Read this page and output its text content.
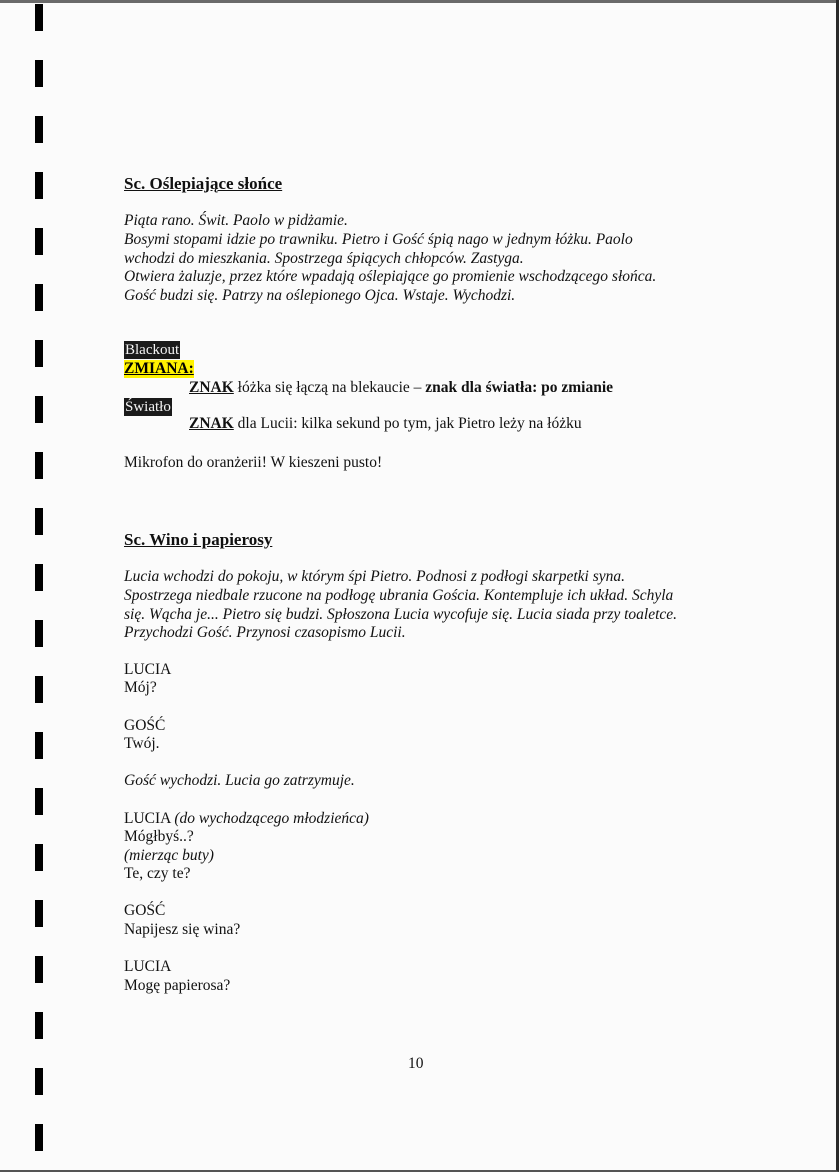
Sc. Oślepiające słońce
Piąta rano. Świt. Paolo w pidżamie.
Bosymi stopami idzie po trawniku. Pietro i Gość śpią nago w jednym łóżku. Paolo
wchodzi do mieszkania. Spostrzega śpiących chłopców. Zastyga.
Otwiera żaluzje, przez które wpadają oślepiające go promienie wschodzącego słońca.
Gość budzi się. Patrzy na oślepionego Ojca. Wstaje. Wychodzi.
Blackout
ZMIANA:
ZNAK łóżka się łączą na blekaucie – znak dla światła: po zmianie
Światło
ZNAK dla Lucii: kilka sekund po tym, jak Pietro leży na łóżku
Mikrofon do oranżerii! W kieszeni pusto!
Sc. Wino i papierosy
Lucia wchodzi do pokoju, w którym śpi Pietro. Podnosi z podłogi skarpetki syna.
Spostrzega niedbale rzucone na podłogę ubrania Gościa. Kontempluje ich układ. Schyla
się. Wącha je... Pietro się budzi. Spłoszona Lucia wycofuje się. Lucia siada przy toaletce.
Przychodzi Gość. Przynosi czasopismo Lucii.
LUCIA
Mój?
GOŚĆ
Twój.
Gość wychodzi. Lucia go zatrzymuje.
LUCIA (do wychodzącego młodzieńca)
Mógłbyś..?
(mierząc buty)
Te, czy te?
GOŚĆ
Napijesz się wina?
LUCIA
Mogę papierosa?
10
